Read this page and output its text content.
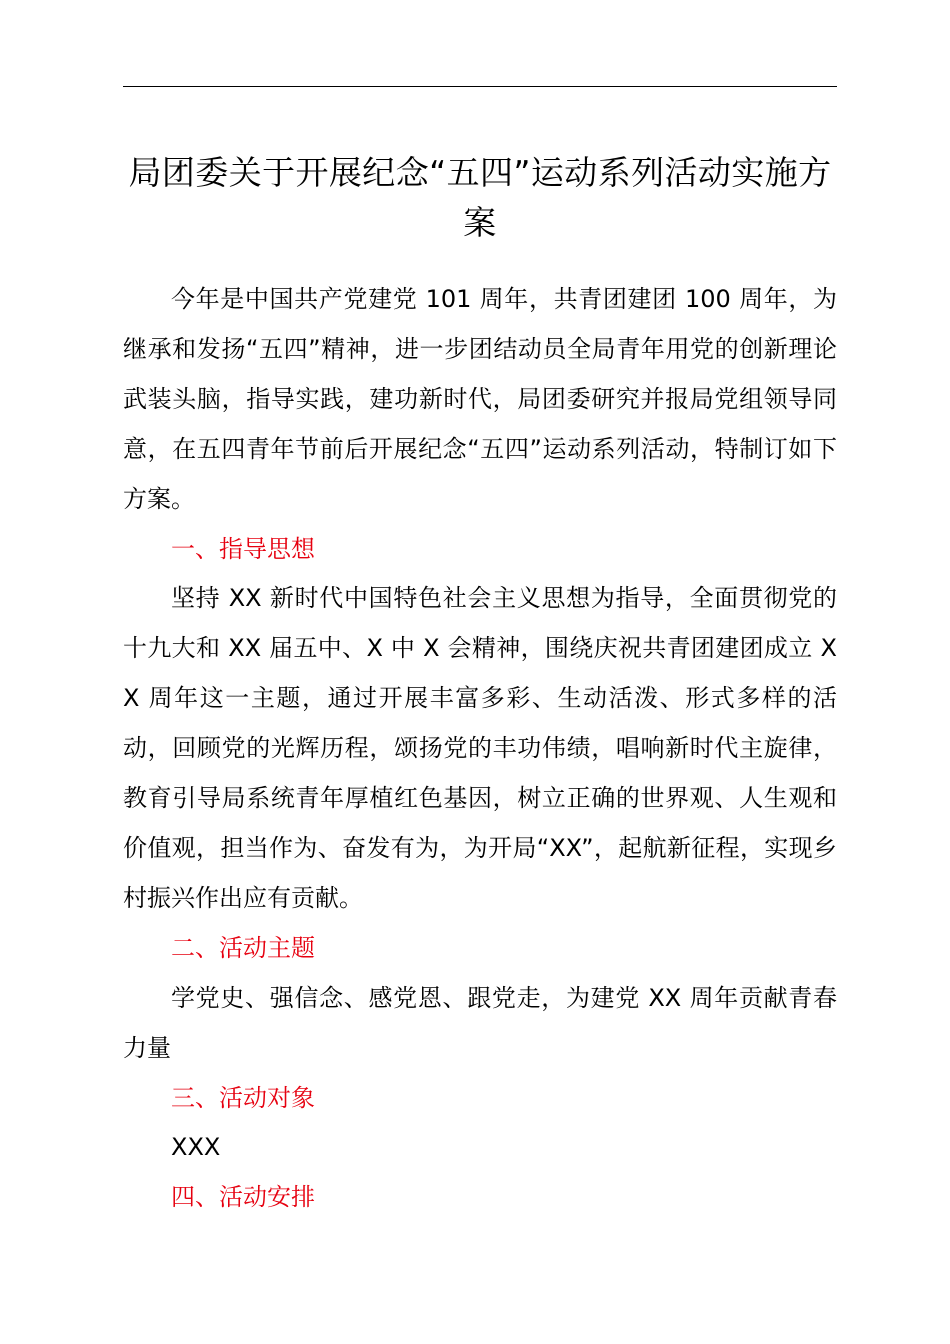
局团委关于开展纪念“五四”运动系列活动实施方案

今年是中国共产党建党 101 周年，共青团建团 100 周年，为继承和发扬“五四”精神，进一步团结动员全局青年用党的创新理论武装头脑，指导实践，建功新时代，局团委研究并报局党组领导同意，在五四青年节前后开展纪念“五四”运动系列活动，特制订如下方案。

一、指导思想

坚持 XX 新时代中国特色社会主义思想为指导，全面贯彻党的十九大和 XX 届五中、X 中 X 会精神，围绕庆祝共青团建团成立 XX 周年这一主题，通过开展丰富多彩、生动活泼、形式多样的活动，回顾党的光辉历程，颂扬党的丰功伟绩，唱响新时代主旋律，教育引导局系统青年厚植红色基因，树立正确的世界观、人生观和价值观，担当作为、奋发有为，为开局“XX”，起航新征程，实现乡村振兴作出应有贡献。

二、活动主题

学党史、强信念、感党恩、跟党走，为建党 XX 周年贡献青春力量

三、活动对象

XXX

四、活动安排
